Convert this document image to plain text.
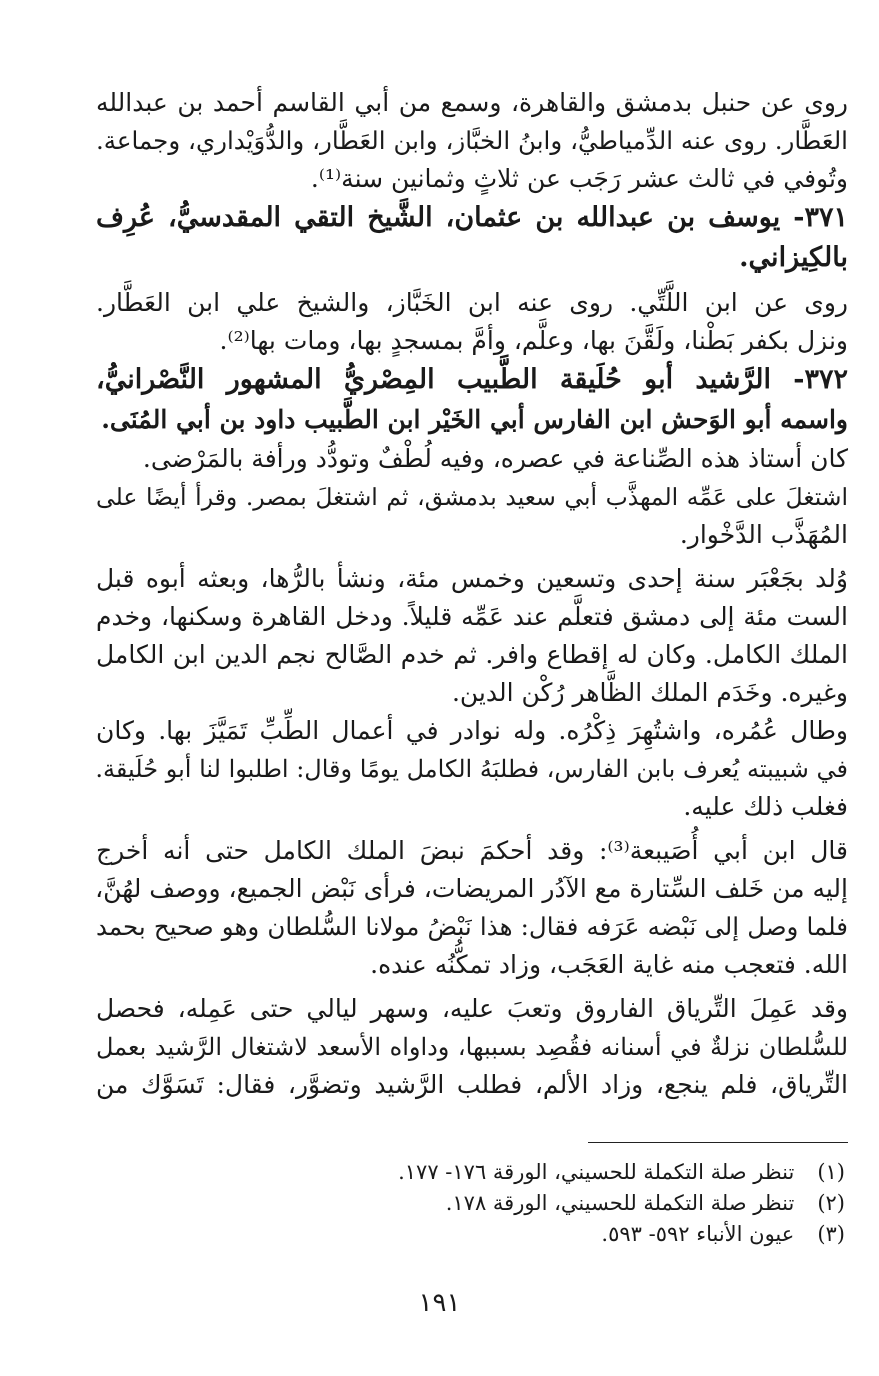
روى عن حنبل بدمشق والقاهرة، وسمع من أبي القاسم أحمد بن عبدالله
العَطَّار. روى عنه الدِّمياطيُّ، وابنُ الخبَّاز، وابن العَطَّار، والدُّوَيْداري، وجماعة.
وتُوفي في ثالث عشر رَجَب عن ثلاثٍ وثمانين سنة⁽¹⁾.
٣٧١- يوسف بن عبدالله بن عثمان، الشَّيخ التقي المقدسيُّ، عُرِف
بالكِيزاني.
روى عن ابن اللَّتِّي. روى عنه ابن الخَبَّاز، والشيخ علي ابن العَطَّار.
ونزل بكفر بَطْنا، ولَقَّنَ بها، وعلَّم، وأمَّ بمسجدٍ بها، ومات بها⁽²⁾.
٣٧٢- الرَّشيد أبو حُلَيقة الطَّبيب المِصْريُّ المشهور النَّصْرانيُّ،
واسمه أبو الوَحش ابن الفارس أبي الخَيْر ابن الطَّبيب داود بن أبي المُنَى.
كان أستاذ هذه الصِّناعة في عصره، وفيه لُطْفٌ وتودُّد ورأفة بالمَرْضى.
اشتغلَ على عَمِّه المهذَّب أبي سعيد بدمشق، ثم اشتغلَ بمصر. وقرأ أيضًا على
المُهَذَّب الدَّخْوار.
وُلد بجَعْبَر سنة إحدى وتسعين وخمس مئة، ونشأ بالرُّها، وبعثه أبوه قبل
الست مئة إلى دمشق فتعلَّم عند عَمِّه قليلاً. ودخل القاهرة وسكنها، وخدم
الملك الكامل. وكان له إقطاع وافر. ثم خدم الصَّالح نجم الدين ابن الكامل
وغيره. وخَدَم الملك الظَّاهر رُكْن الدين.
وطال عُمُره، واشتُهِرَ ذِكْرُه. وله نوادر في أعمال الطِّبِّ تَمَيَّزَ بها. وكان
في شبيبته يُعرف بابن الفارس، فطلبَهُ الكامل يومًا وقال: اطلبوا لنا أبو حُلَيقة.
فغلب ذلك عليه.
قال ابن أبي أُصَيبعة⁽³⁾: وقد أحكمَ نبضَ الملك الكامل حتى أنه أخرج
إليه من خَلف السِّتارة مع الآدُر المريضات، فرأى نَبْض الجميع، ووصف لهُنَّ،
فلما وصل إلى نَبْضه عَرَفه فقال: هذا نَبْضُ مولانا السُّلطان وهو صحيح بحمد
الله. فتعجب منه غاية العَجَب، وزاد تمكُّنُه عنده.
وقد عَمِلَ التِّرياق الفاروق وتعبَ عليه، وسهر ليالي حتى عَمِله، فحصل
للسُّلطان نزلةٌ في أسنانه فقُصِد بسببها، وداواه الأسعد لاشتغال الرَّشيد بعمل
التِّرياق، فلم ينجع، وزاد الألم، فطلب الرَّشيد وتضوَّر، فقال: تَسَوَّك من
(١) تنظر صلة التكملة للحسيني، الورقة ١٧٦- ١٧٧.
(٢) تنظر صلة التكملة للحسيني، الورقة ١٧٨.
(٣) عيون الأنباء ٥٩٢- ٥٩٣.
١٩١
